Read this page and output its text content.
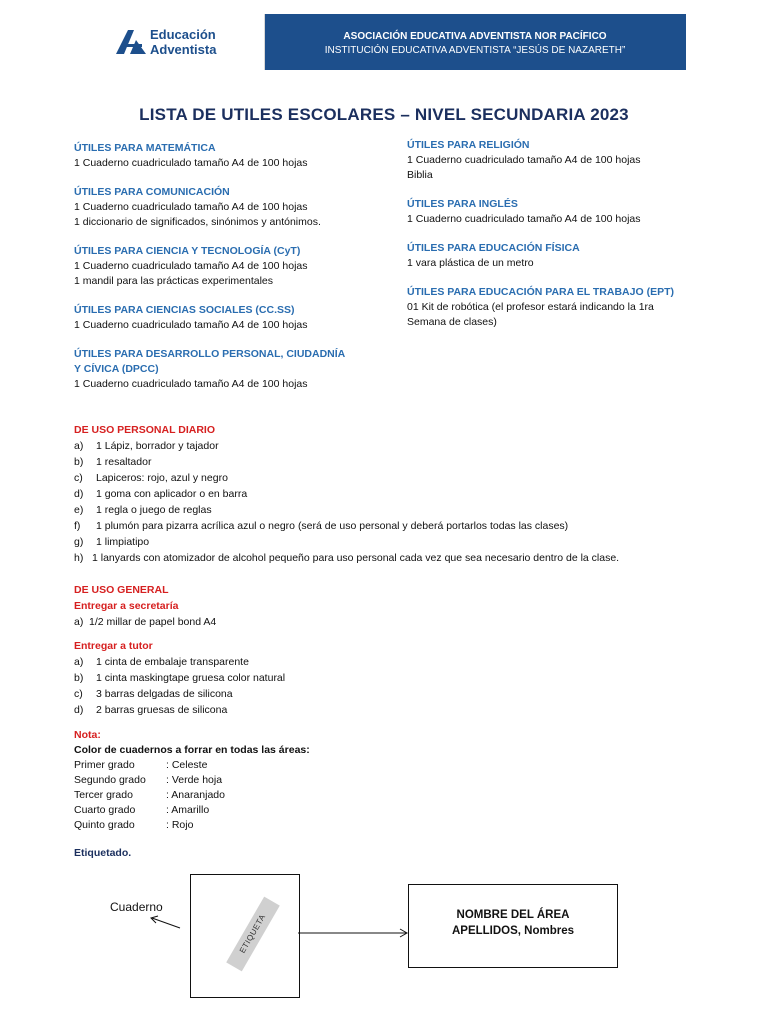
Educación
Adventista
ASOCIACIÓN EDUCATIVA ADVENTISTA NOR PACÍFICO
INSTITUCIÓN EDUCATIVA ADVENTISTA “JESÚS DE NAZARETH”
LISTA DE UTILES ESCOLARES – NIVEL SECUNDARIA 2023
ÚTILES PARA MATEMÁTICA
1 Cuaderno cuadriculado tamaño A4 de 100 hojas
ÚTILES PARA COMUNICACIÓN
1 Cuaderno cuadriculado tamaño A4 de 100 hojas
1 diccionario de significados, sinónimos y antónimos.
ÚTILES PARA CIENCIA Y TECNOLOGÍA (CyT)
1 Cuaderno cuadriculado tamaño A4 de 100 hojas
1 mandil para las prácticas experimentales
ÚTILES PARA CIENCIAS SOCIALES (CC.SS)
1 Cuaderno cuadriculado tamaño A4 de 100 hojas
ÚTILES PARA DESARROLLO PERSONAL, CIUDADNÍA
Y CÍVICA (DPCC)
1 Cuaderno cuadriculado tamaño A4 de 100 hojas
ÚTILES PARA RELIGIÓN
1 Cuaderno cuadriculado tamaño A4 de 100 hojas
Biblia
ÚTILES PARA INGLÉS
1 Cuaderno cuadriculado tamaño A4 de 100 hojas
ÚTILES PARA EDUCACIÓN FÍSICA
1 vara plástica de un metro
ÚTILES PARA EDUCACIÓN PARA EL TRABAJO (EPT)
01 Kit de robótica (el profesor estará indicando la 1ra
Semana de clases)
DE USO PERSONAL DIARIO
a)	1 Lápiz, borrador y tajador
b)	1 resaltador
c)	Lapiceros: rojo, azul y negro
d)	1 goma con aplicador o en barra
e)	1 regla o juego de reglas
f)	1 plumón para pizarra acrílica azul o negro (será de uso personal y deberá portarlos todas las clases)
g)	1 limpiatipo
h) 1 lanyards con atomizador de alcohol pequeño para uso personal cada vez que sea necesario dentro de la clase.
DE USO GENERAL
Entregar a secretaría
a) 1/2 millar de papel bond A4
Entregar a tutor
a)	1 cinta de embalaje transparente
b)	1 cinta maskingtape gruesa color natural
c)	3 barras delgadas de silicona
d)	2 barras gruesas de silicona
Nota:
Color de cuadernos a forrar en todas las áreas:
Primer grado	: Celeste
Segundo grado	: Verde hoja
Tercer grado	: Anaranjado
Cuarto grado	: Amarillo
Quinto grado	: Rojo
Etiquetado.
Cuaderno
ETIQUETA	NOMBRE DEL ÁREA
APELLIDOS, Nombres
